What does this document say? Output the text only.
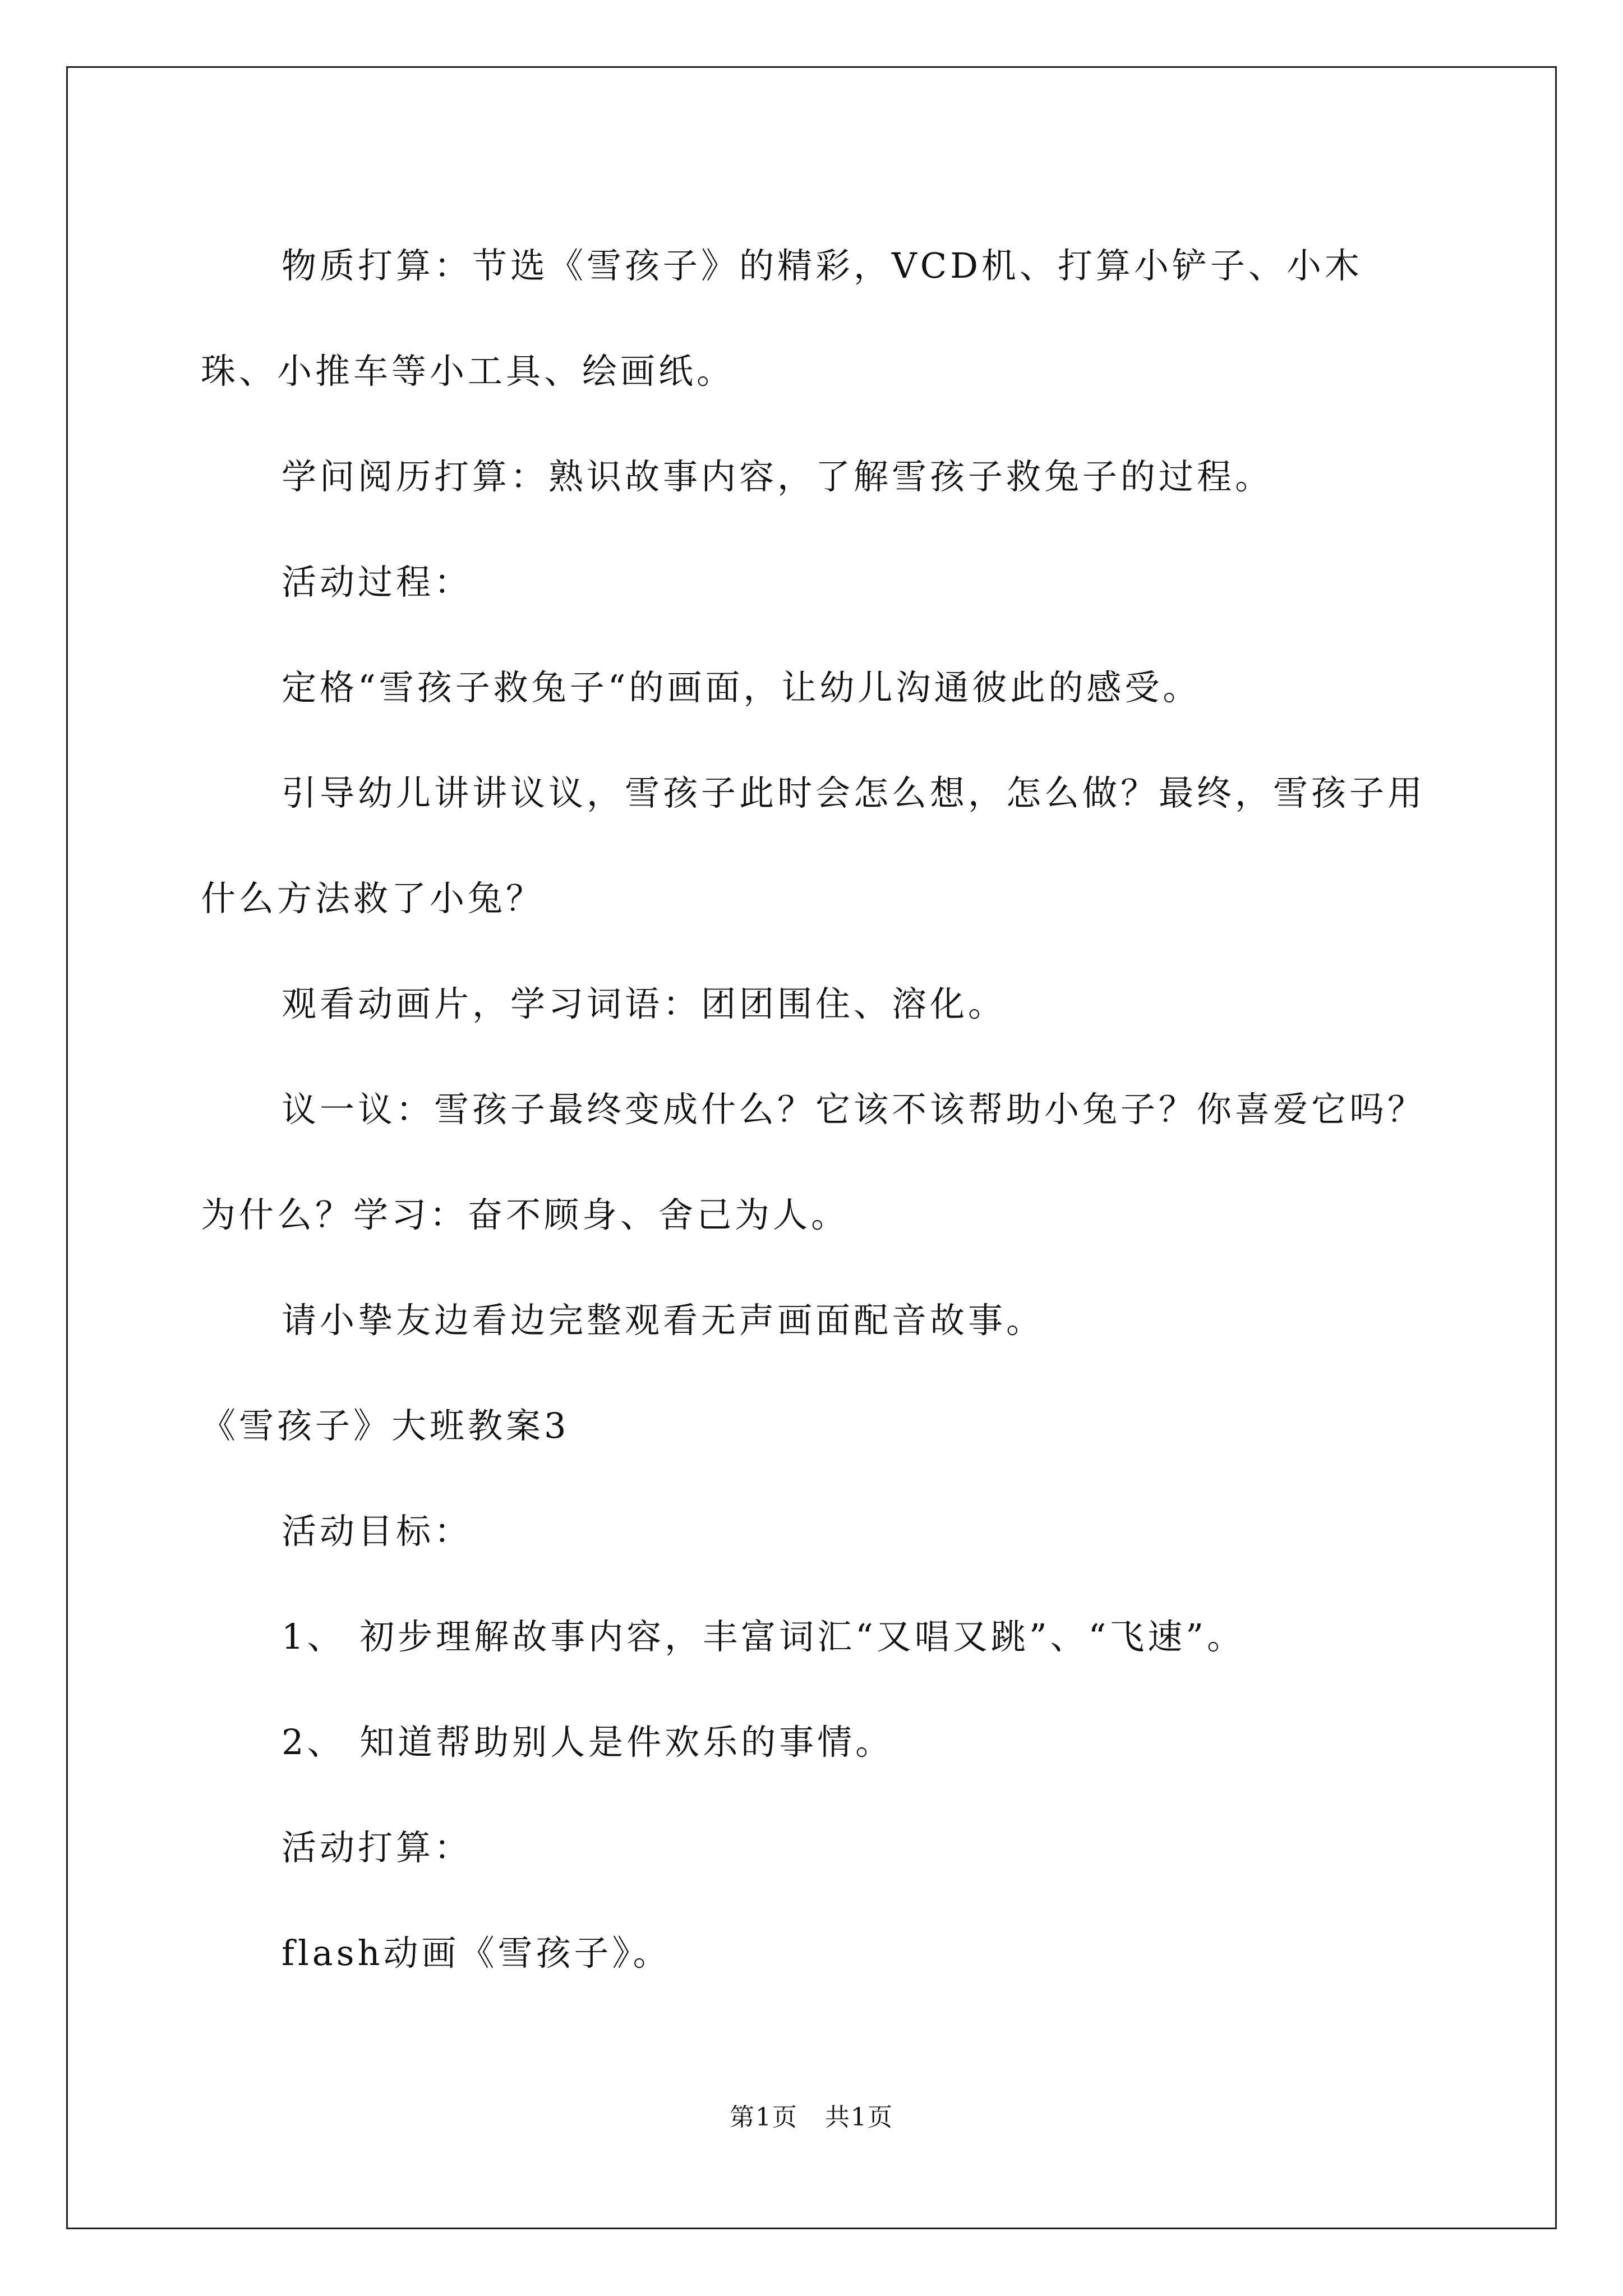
物质打算：节选《雪孩子》的精彩，VCD机、打算小铲子、小木珠、小推车等小工具、绘画纸。

学问阅历打算：熟识故事内容，了解雪孩子救兔子的过程。

活动过程：

定格“雪孩子救兔子“的画面，让幼儿沟通彼此的感受。

引导幼儿讲讲议议，雪孩子此时会怎么想，怎么做？最终，雪孩子用什么方法救了小兔？

观看动画片，学习词语：团团围住、溶化。

议一议：雪孩子最终变成什么？它该不该帮助小兔子？你喜爱它吗？为什么？学习：奋不顾身、舍己为人。

请小挚友边看边完整观看无声画面配音故事。

《雪孩子》大班教案3

活动目标：

1、 初步理解故事内容，丰富词汇“又唱又跳”、“飞速”。

2、 知道帮助别人是件欢乐的事情。

活动打算：

flash动画《雪孩子》。

第1页 共1页
